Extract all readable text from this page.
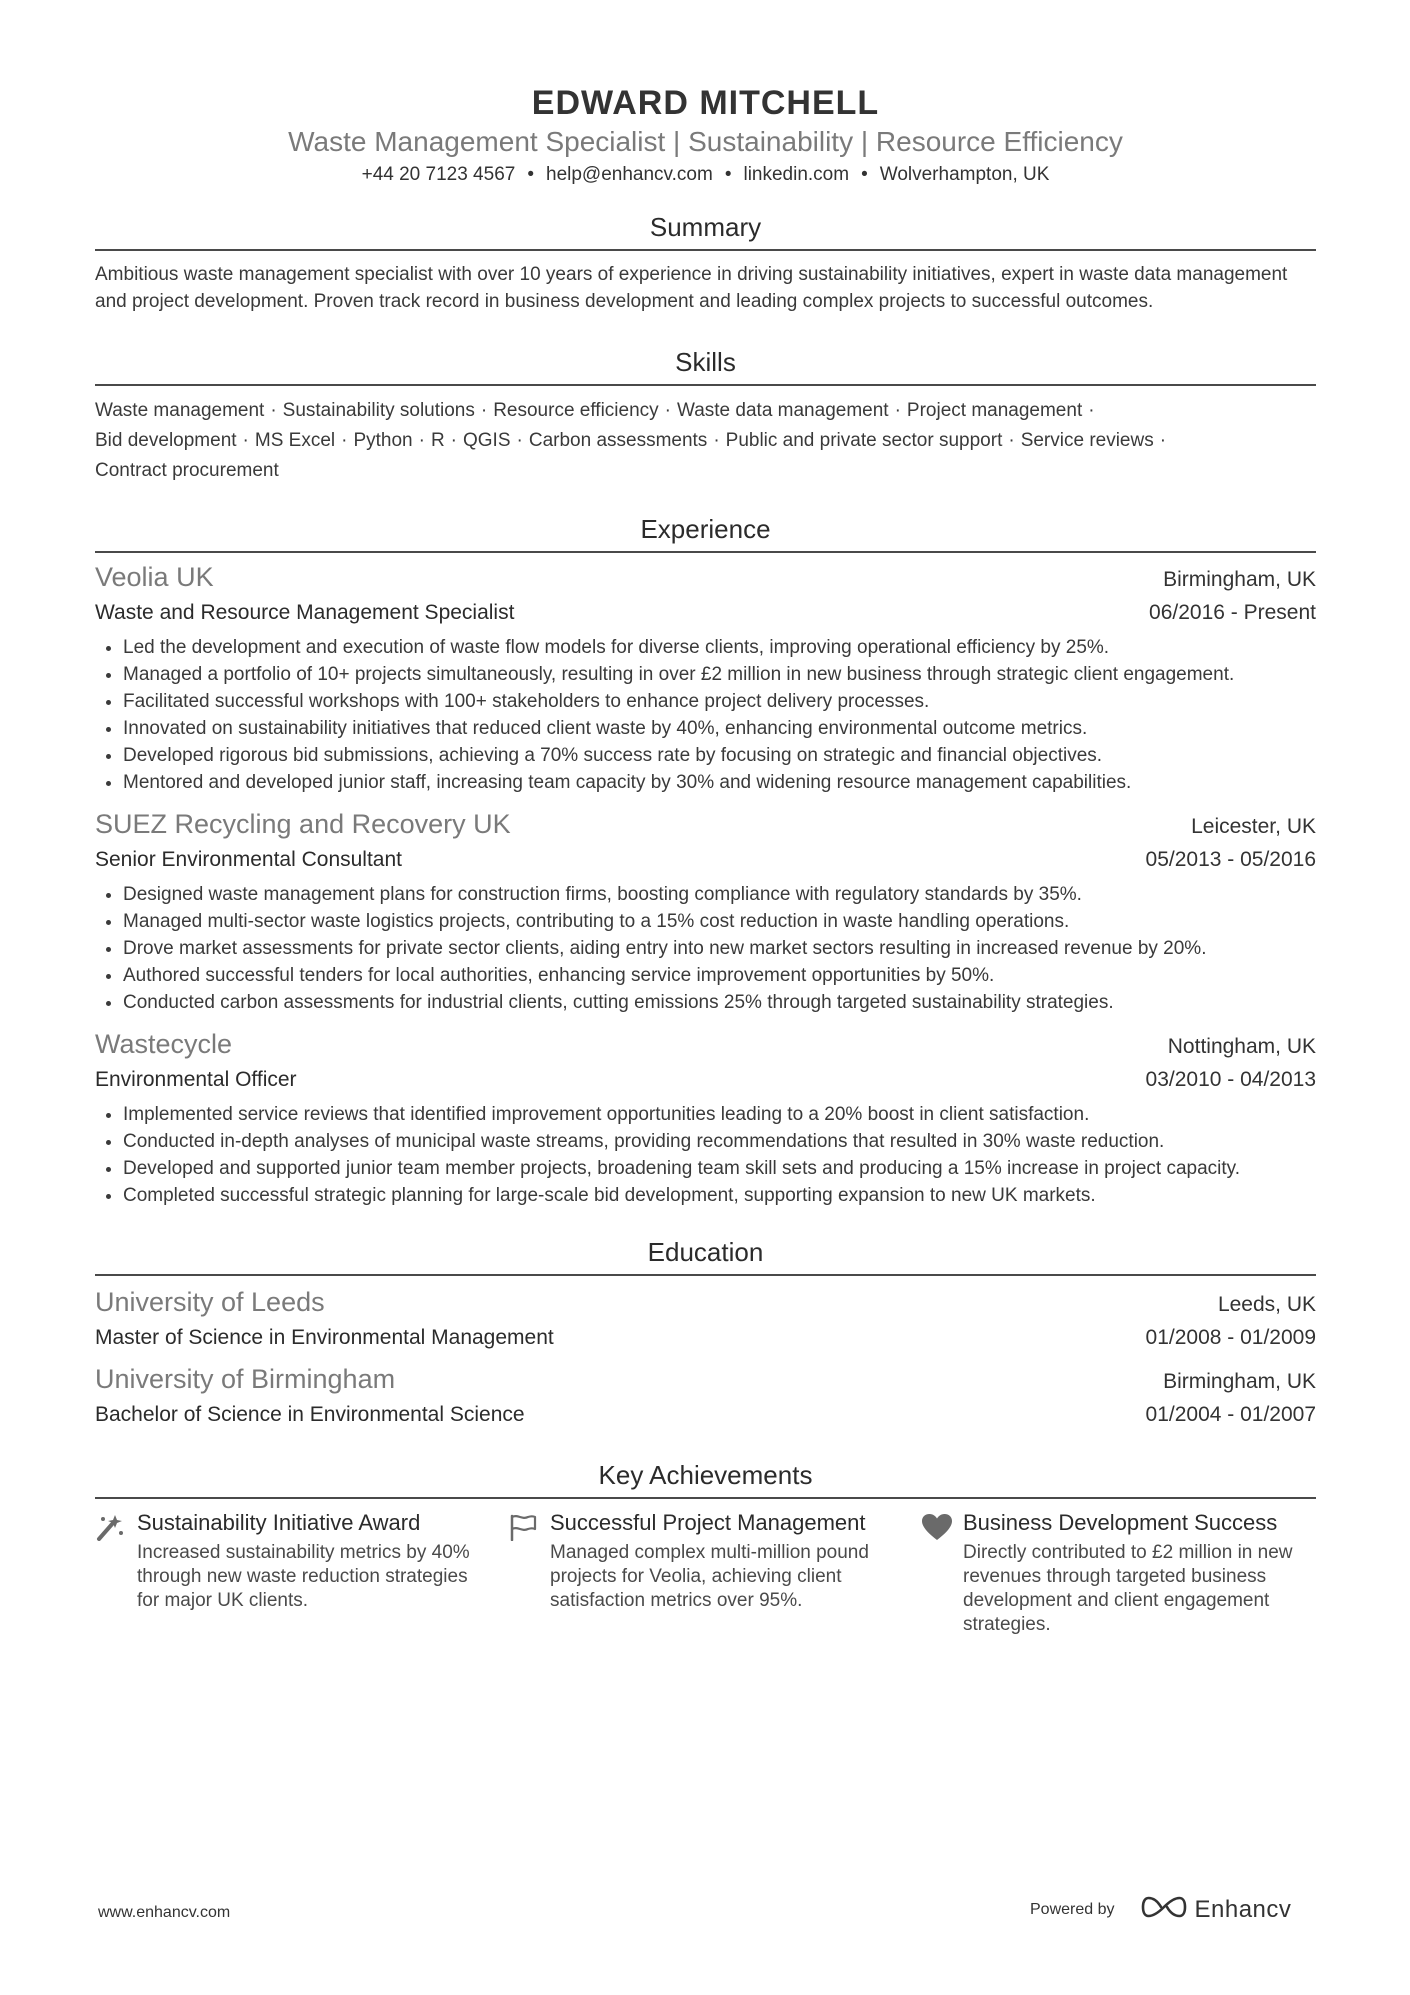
EDWARD MITCHELL
Waste Management Specialist | Sustainability | Resource Efficiency
+44 20 7123 4567 • help@enhancv.com • linkedin.com • Wolverhampton, UK
Summary
Ambitious waste management specialist with over 10 years of experience in driving sustainability initiatives, expert in waste data management and project development. Proven track record in business development and leading complex projects to successful outcomes.
Skills
Waste management · Sustainability solutions · Resource efficiency · Waste data management · Project management ·
Bid development · MS Excel · Python · R · QGIS · Carbon assessments · Public and private sector support · Service reviews ·
Contract procurement
Experience
Veolia UK	Birmingham, UK
Waste and Resource Management Specialist	06/2016 - Present
• Led the development and execution of waste flow models for diverse clients, improving operational efficiency by 25%.
• Managed a portfolio of 10+ projects simultaneously, resulting in over £2 million in new business through strategic client engagement.
• Facilitated successful workshops with 100+ stakeholders to enhance project delivery processes.
• Innovated on sustainability initiatives that reduced client waste by 40%, enhancing environmental outcome metrics.
• Developed rigorous bid submissions, achieving a 70% success rate by focusing on strategic and financial objectives.
• Mentored and developed junior staff, increasing team capacity by 30% and widening resource management capabilities.
SUEZ Recycling and Recovery UK	Leicester, UK
Senior Environmental Consultant	05/2013 - 05/2016
• Designed waste management plans for construction firms, boosting compliance with regulatory standards by 35%.
• Managed multi-sector waste logistics projects, contributing to a 15% cost reduction in waste handling operations.
• Drove market assessments for private sector clients, aiding entry into new market sectors resulting in increased revenue by 20%.
• Authored successful tenders for local authorities, enhancing service improvement opportunities by 50%.
• Conducted carbon assessments for industrial clients, cutting emissions 25% through targeted sustainability strategies.
Wastecycle	Nottingham, UK
Environmental Officer	03/2010 - 04/2013
• Implemented service reviews that identified improvement opportunities leading to a 20% boost in client satisfaction.
• Conducted in-depth analyses of municipal waste streams, providing recommendations that resulted in 30% waste reduction.
• Developed and supported junior team member projects, broadening team skill sets and producing a 15% increase in project capacity.
• Completed successful strategic planning for large-scale bid development, supporting expansion to new UK markets.
Education
University of Leeds	Leeds, UK
Master of Science in Environmental Management	01/2008 - 01/2009
University of Birmingham	Birmingham, UK
Bachelor of Science in Environmental Science	01/2004 - 01/2007
Key Achievements
Sustainability Initiative Award
Increased sustainability metrics by 40% through new waste reduction strategies for major UK clients.
Successful Project Management
Managed complex multi-million pound projects for Veolia, achieving client satisfaction metrics over 95%.
Business Development Success
Directly contributed to £2 million in new revenues through targeted business development and client engagement strategies.
www.enhancv.com	Powered by	Enhancv
